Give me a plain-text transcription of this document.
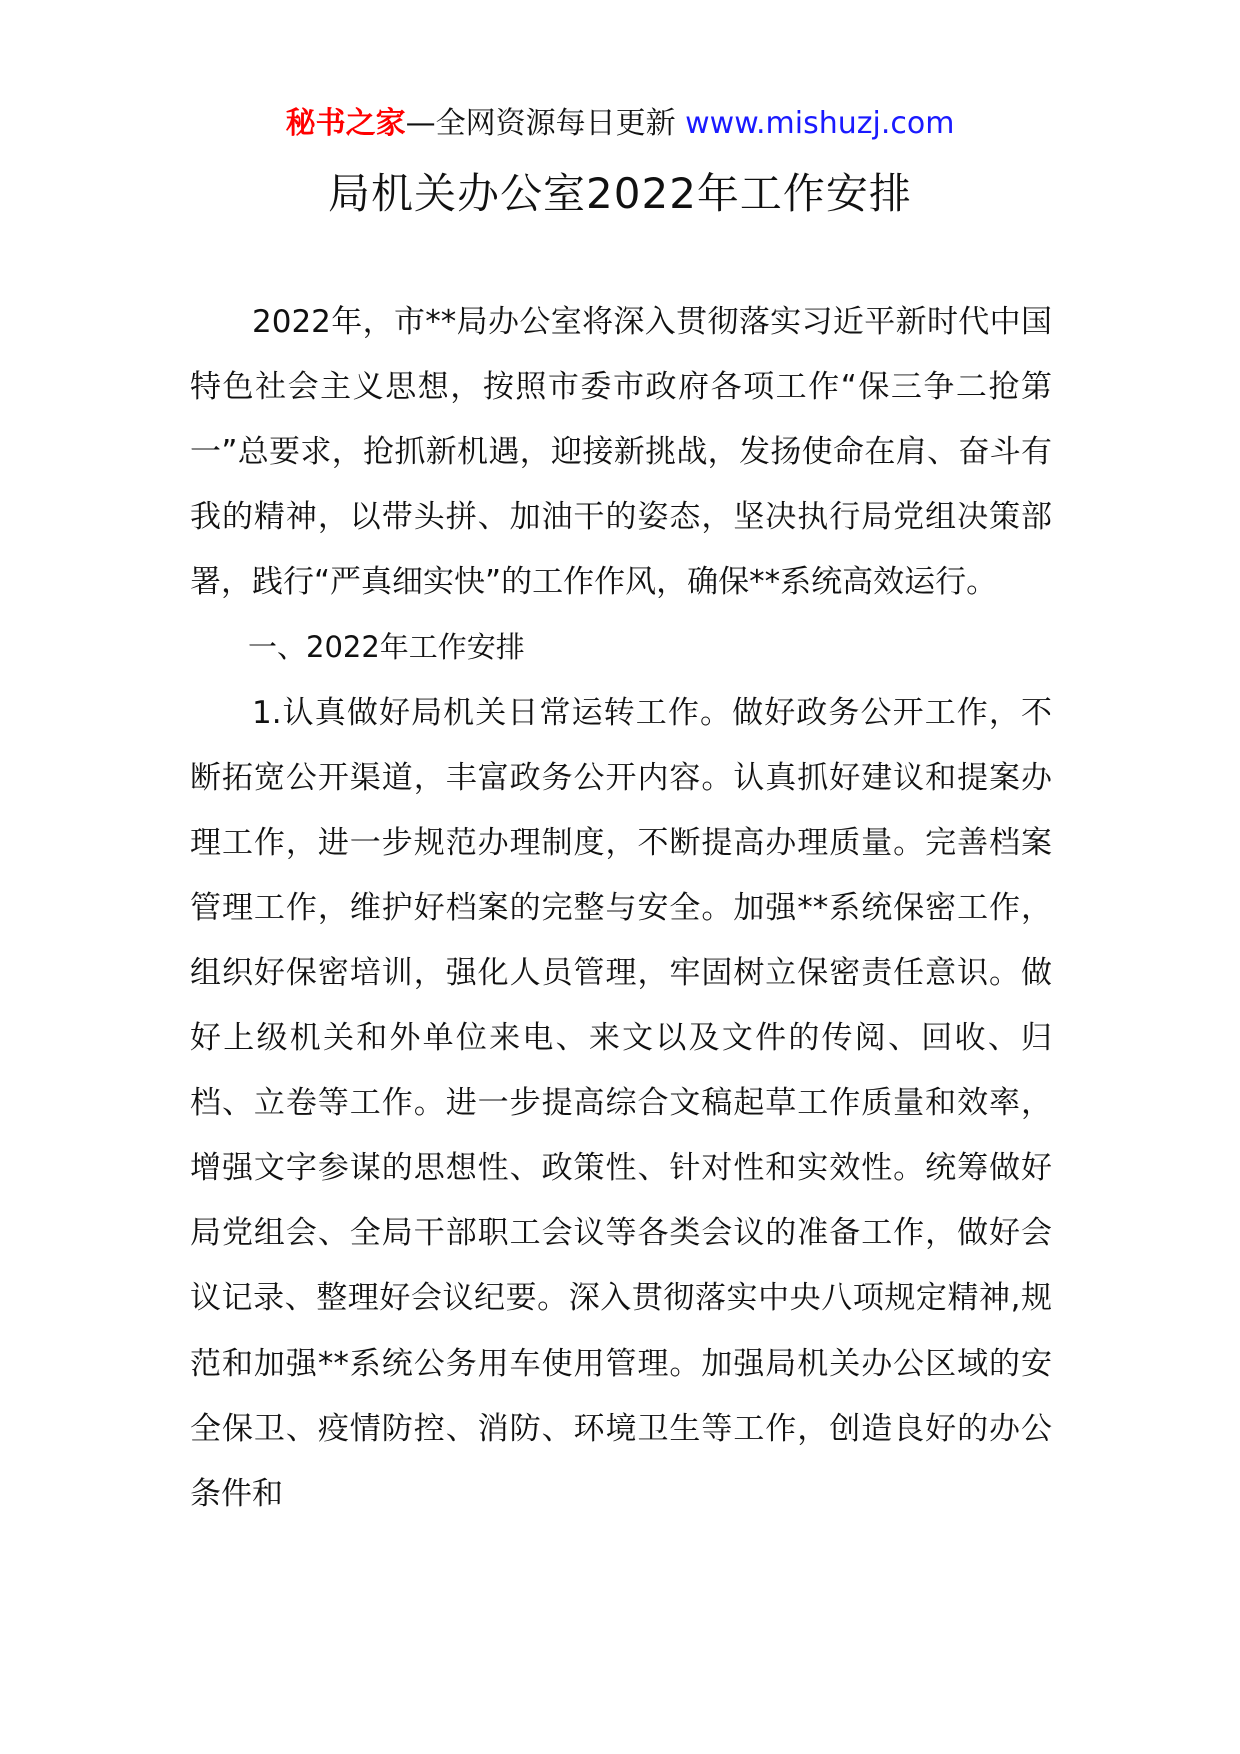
秘书之家—全网资源每日更新 www.mishuzj.com
局机关办公室2022年工作安排

2022年，市**局办公室将深入贯彻落实习近平新时代中国特色社会主义思想，按照市委市政府各项工作“保三争二抢第一”总要求，抢抓新机遇，迎接新挑战，发扬使命在肩、奋斗有我的精神，以带头拼、加油干的姿态，坚决执行局党组决策部署，践行“严真细实快”的工作作风，确保**系统高效运行。

一、2022年工作安排

1.认真做好局机关日常运转工作。做好政务公开工作，不断拓宽公开渠道，丰富政务公开内容。认真抓好建议和提案办理工作，进一步规范办理制度，不断提高办理质量。完善档案管理工作，维护好档案的完整与安全。加强**系统保密工作，组织好保密培训，强化人员管理，牢固树立保密责任意识。做好上级机关和外单位来电、来文以及文件的传阅、回收、归档、立卷等工作。进一步提高综合文稿起草工作质量和效率，增强文字参谋的思想性、政策性、针对性和实效性。统筹做好局党组会、全局干部职工会议等各类会议的准备工作，做好会议记录、整理好会议纪要。深入贯彻落实中央八项规定精神,规范和加强**系统公务用车使用管理。加强局机关办公区域的安全保卫、疫情防控、消防、环境卫生等工作，创造良好的办公条件和
